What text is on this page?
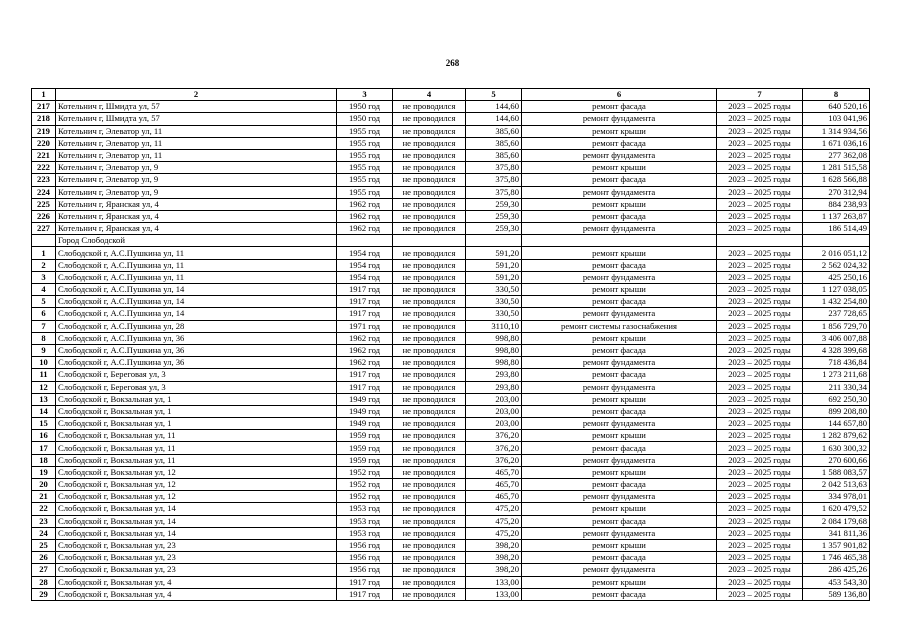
268
1	2	3	4	5	6	7	8
217	Котельнич г, Шмидта ул, 57	1950 год	не проводился	144,60	ремонт фасада	2023 – 2025 годы	640 520,16
218	Котельнич г, Шмидта ул, 57	1950 год	не проводился	144,60	ремонт фундамента	2023 – 2025 годы	103 041,96
219	Котельнич г, Элеватор ул, 11	1955 год	не проводился	385,60	ремонт крыши	2023 – 2025 годы	1 314 934,56
220	Котельнич г, Элеватор ул, 11	1955 год	не проводился	385,60	ремонт фасада	2023 – 2025 годы	1 671 036,16
221	Котельнич г, Элеватор ул, 11	1955 год	не проводился	385,60	ремонт фундамента	2023 – 2025 годы	277 362,08
222	Котельнич г, Элеватор ул, 9	1955 год	не проводился	375,80	ремонт крыши	2023 – 2025 годы	1 281 515,58
223	Котельнич г, Элеватор ул, 9	1955 год	не проводился	375,80	ремонт фасада	2023 – 2025 годы	1 628 566,88
224	Котельнич г, Элеватор ул, 9	1955 год	не проводился	375,80	ремонт фундамента	2023 – 2025 годы	270 312,94
225	Котельнич г, Яранская ул, 4	1962 год	не проводился	259,30	ремонт крыши	2023 – 2025 годы	884 238,93
226	Котельнич г, Яранская ул, 4	1962 год	не проводился	259,30	ремонт фасада	2023 – 2025 годы	1 137 263,87
227	Котельнич г, Яранская ул, 4	1962 год	не проводился	259,30	ремонт фундамента	2023 – 2025 годы	186 514,49
	Город Слободской						
1	Слободской г, А.С.Пушкина ул, 11	1954 год	не проводился	591,20	ремонт крыши	2023 – 2025 годы	2 016 051,12
2	Слободской г, А.С.Пушкина ул, 11	1954 год	не проводился	591,20	ремонт фасада	2023 – 2025 годы	2 562 024,32
3	Слободской г, А.С.Пушкина ул, 11	1954 год	не проводился	591,20	ремонт фундамента	2023 – 2025 годы	425 250,16
4	Слободской г, А.С.Пушкина ул, 14	1917 год	не проводился	330,50	ремонт крыши	2023 – 2025 годы	1 127 038,05
5	Слободской г, А.С.Пушкина ул, 14	1917 год	не проводился	330,50	ремонт фасада	2023 – 2025 годы	1 432 254,80
6	Слободской г, А.С.Пушкина ул, 14	1917 год	не проводился	330,50	ремонт фундамента	2023 – 2025 годы	237 728,65
7	Слободской г, А.С.Пушкина ул, 28	1971 год	не проводился	3110,10	ремонт системы газоснабжения	2023 – 2025 годы	1 856 729,70
8	Слободской г, А.С.Пушкина ул, 36	1962 год	не проводился	998,80	ремонт крыши	2023 – 2025 годы	3 406 007,88
9	Слободской г, А.С.Пушкина ул, 36	1962 год	не проводился	998,80	ремонт фасада	2023 – 2025 годы	4 328 399,68
10	Слободской г, А.С.Пушкина ул, 36	1962 год	не проводился	998,80	ремонт фундамента	2023 – 2025 годы	718 436,84
11	Слободской г, Береговая ул, 3	1917 год	не проводился	293,80	ремонт фасада	2023 – 2025 годы	1 273 211,68
12	Слободской г, Береговая ул, 3	1917 год	не проводился	293,80	ремонт фундамента	2023 – 2025 годы	211 330,34
13	Слободской г, Вокзальная ул, 1	1949 год	не проводился	203,00	ремонт крыши	2023 – 2025 годы	692 250,30
14	Слободской г, Вокзальная ул, 1	1949 год	не проводился	203,00	ремонт фасада	2023 – 2025 годы	899 208,80
15	Слободской г, Вокзальная ул, 1	1949 год	не проводился	203,00	ремонт фундамента	2023 – 2025 годы	144 657,80
16	Слободской г, Вокзальная ул, 11	1959 год	не проводился	376,20	ремонт крыши	2023 – 2025 годы	1 282 879,62
17	Слободской г, Вокзальная ул, 11	1959 год	не проводился	376,20	ремонт фасада	2023 – 2025 годы	1 630 300,32
18	Слободской г, Вокзальная ул, 11	1959 год	не проводился	376,20	ремонт фундамента	2023 – 2025 годы	270 600,66
19	Слободской г, Вокзальная ул, 12	1952 год	не проводился	465,70	ремонт крыши	2023 – 2025 годы	1 588 083,57
20	Слободской г, Вокзальная ул, 12	1952 год	не проводился	465,70	ремонт фасада	2023 – 2025 годы	2 042 513,63
21	Слободской г, Вокзальная ул, 12	1952 год	не проводился	465,70	ремонт фундамента	2023 – 2025 годы	334 978,01
22	Слободской г, Вокзальная ул, 14	1953 год	не проводился	475,20	ремонт крыши	2023 – 2025 годы	1 620 479,52
23	Слободской г, Вокзальная ул, 14	1953 год	не проводился	475,20	ремонт фасада	2023 – 2025 годы	2 084 179,68
24	Слободской г, Вокзальная ул, 14	1953 год	не проводился	475,20	ремонт фундамента	2023 – 2025 годы	341 811,36
25	Слободской г, Вокзальная ул, 23	1956 год	не проводился	398,20	ремонт крыши	2023 – 2025 годы	1 357 901,82
26	Слободской г, Вокзальная ул, 23	1956 год	не проводился	398,20	ремонт фасада	2023 – 2025 годы	1 746 465,38
27	Слободской г, Вокзальная ул, 23	1956 год	не проводился	398,20	ремонт фундамента	2023 – 2025 годы	286 425,26
28	Слободской г, Вокзальная ул, 4	1917 год	не проводился	133,00	ремонт крыши	2023 – 2025 годы	453 543,30
29	Слободской г, Вокзальная ул, 4	1917 год	не проводился	133,00	ремонт фасада	2023 – 2025 годы	589 136,80
